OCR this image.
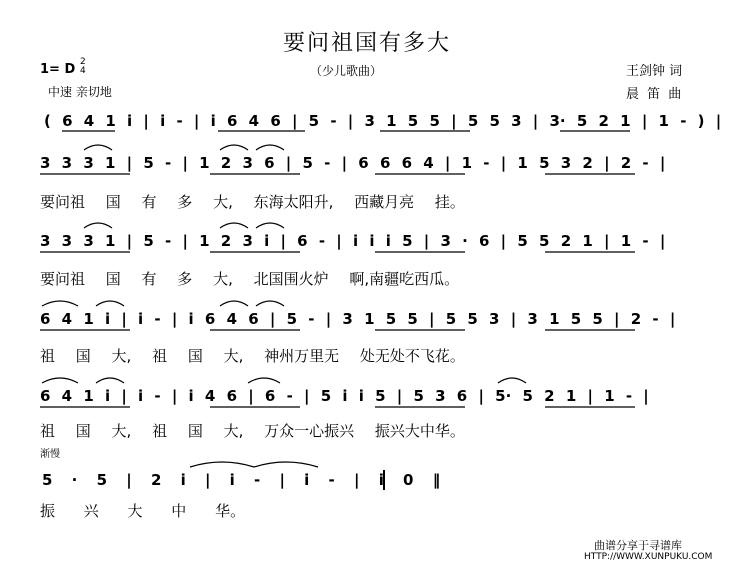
要问祖国有多大
（少儿歌曲）
1= D 2
4
中速 亲切地
王剑钟 词
晨 笛 曲
( 6 4 1 i | i - | i 6 4 6 | 5 - | 3 1 5 5 | 5 5 3 | 3· 5 2 1 | 1 - ) |
3 3 3 1 | 5 - | 1 2 3 6 | 5 - | 6 6 6 4 | 1 - | 1 5 3 2 | 2 - |
要问祖 国 有 多 大, 东海太阳升, 西藏月亮 挂。
3 3 3 1 | 5 - | 1 2 3 i | 6 - | i i i 5 | 3 · 6 | 5 5 2 1 | 1 - |
要问祖 国 有 多 大, 北国围火炉 啊,南疆吃西瓜。
6 4 1 i | i - | i 6 4 6 | 5 - | 3 1 5 5 | 5 5 3 | 3 1 5 5 | 2 - |
祖 国 大, 祖 国 大, 神州万里无 处无处不飞花。
6 4 1 i | i - | i 4 6 | 6 - | 5 i i 5 | 5 3 6 | 5· 5 2 1 | 1 - |
祖 国 大, 祖 国 大, 万众一心振兴 振兴大中华。
渐慢
5 · 5 | 2 i | i - | i - | i 0 ‖
振 兴 大 中 华。
曲谱分享于寻谱库
HTTP://WWW.XUNPUKU.COM
